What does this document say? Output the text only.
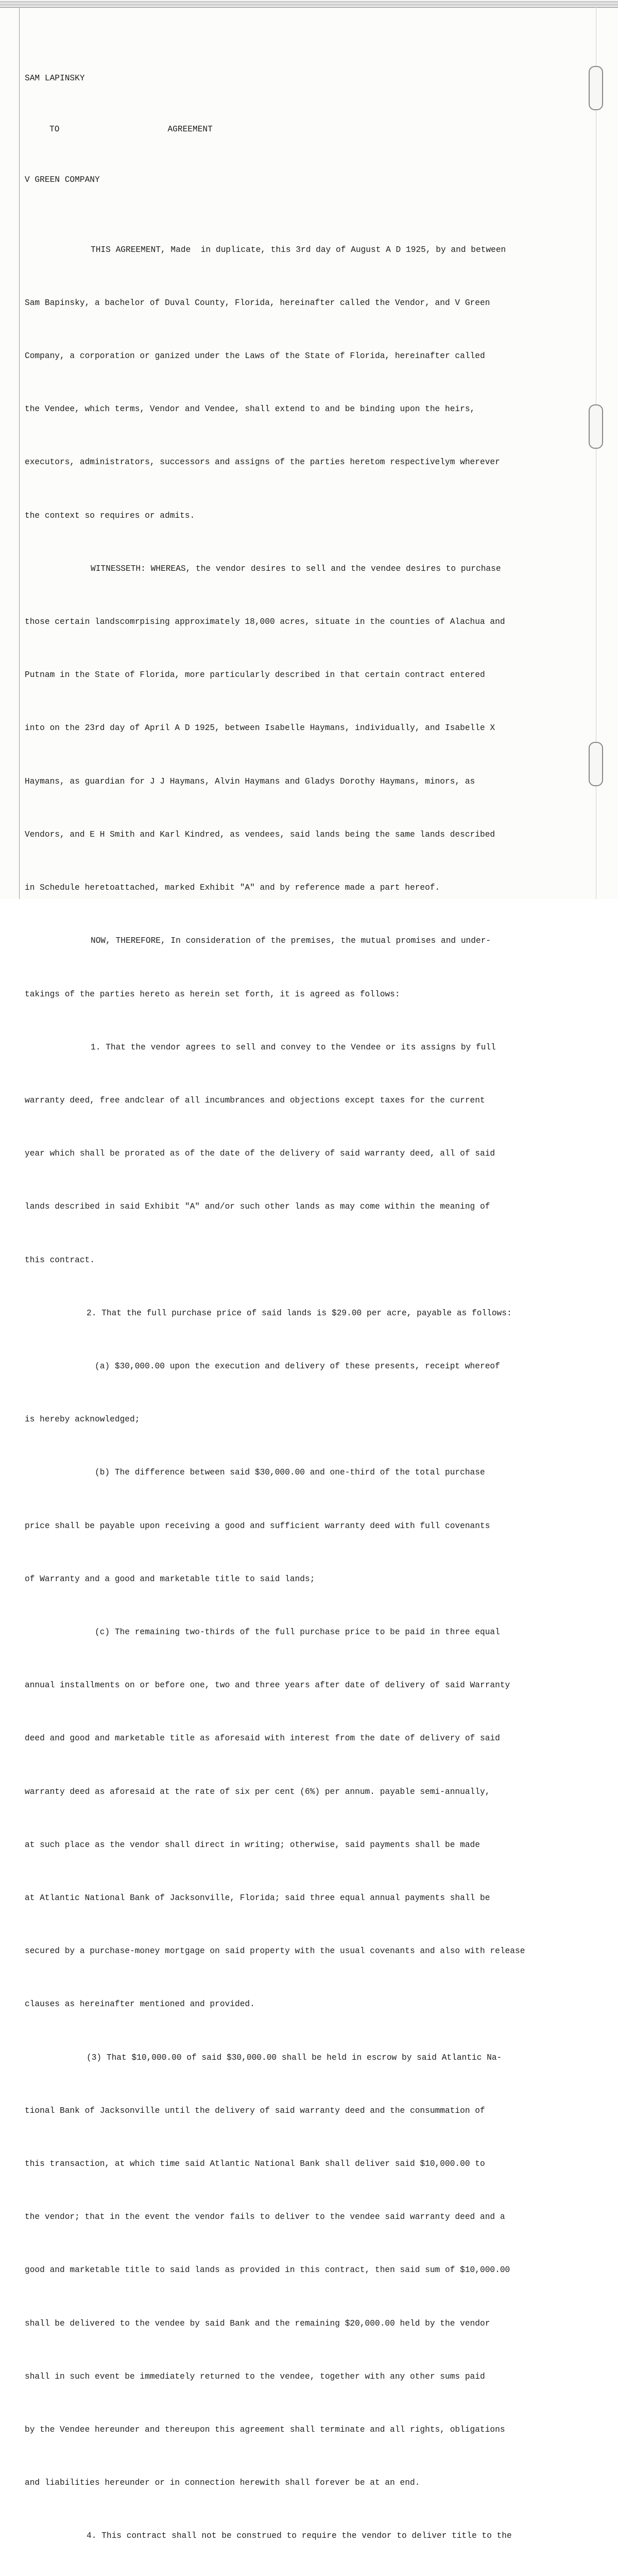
SAM LAPINSKY

TO	AGREEMENT

V GREEN COMPANY

THIS AGREEMENT, Made  in duplicate, this 3rd day of August A D 1925, by and between

Sam Bapinsky, a bachelor of Duval County, Florida, hereinafter called the Vendor, and V Green

Company, a corporation or ganized under the Laws of the State of Florida, hereinafter called

the Vendee, which terms, Vendor and Vendee, shall extend to and be binding upon the heirs,

executors, administrators, successors and assigns of the parties heretom respectivelym wherever

the context so requires or admits.

WITNESSETH: WHEREAS, the vendor desires to sell and the vendee desires to purchase

those certain landscomrpising approximately 18,000 acres, situate in the counties of Alachua and

Putnam in the State of Florida, more particularly described in that certain contract entered

into on the 23rd day of April A D 1925, between Isabelle Haymans, individually, and Isabelle X

Haymans, as guardian for J J Haymans, Alvin Haymans and Gladys Dorothy Haymans, minors, as

Vendors, and E H Smith and Karl Kindred, as vendees, said lands being the same lands described

in Schedule heretoattached, marked Exhibit "A" and by reference made a part hereof.

NOW, THEREFORE, In consideration of the premises, the mutual promises and under-

takings of the parties hereto as herein set forth, it is agreed as follows:

1. That the vendor agrees to sell and convey to the Vendee or its assigns by full

warranty deed, free andclear of all incumbrances and objections except taxes for the current

year which shall be prorated as of the date of the delivery of said warranty deed, all of said

lands described in said Exhibit "A" and/or such other lands as may come within the meaning of

this contract.

2. That the full purchase price of said lands is $29.00 per acre, payable as follows:

(a) $30,000.00 upon the execution and delivery of these presents, receipt whereof

is hereby acknowledged;

(b) The difference between said $30,000.00 and one-third of the total purchase

price shall be payable upon receiving a good and sufficient warranty deed with full covenants

of Warranty and a good and marketable title to said lands;

(c) The remaining two-thirds of the full purchase price to be paid in three equal

annual installments on or before one, two and three years after date of delivery of said Warranty

deed and good and marketable title as aforesaid with interest from the date of delivery of said

warranty deed as aforesaid at the rate of six per cent (6%) per annum. payable semi-annually,

at such place as the vendor shall direct in writing; otherwise, said payments shall be made

at Atlantic National Bank of Jacksonville, Florida; said three equal annual payments shall be

secured by a purchase-money mortgage on said property with the usual covenants and also with release

clauses as hereinafter mentioned and provided.

(3) That $10,000.00 of said $30,000.00 shall be held in escrow by said Atlantic Na-

tional Bank of Jacksonville until the delivery of said warranty deed and the consummation of

this transaction, at which time said Atlantic National Bank shall deliver said $10,000.00 to

the vendor; that in the event the vendor fails to deliver to the vendee said warranty deed and a

good and marketable title to said lands as provided in this contract, then said sum of $10,000.00

shall be delivered to the vendee by said Bank and the remaining $20,000.00 held by the vendor

shall in such event be immediately returned to the vendee, together with any other sums paid

by the Vendee hereunder and thereupon this agreement shall terminate and all rights, obligations

and liabilities hereunder or in connection herewith shall forever be at an end.

4. This contract shall not be construed to require the vendor to deliver title to the
